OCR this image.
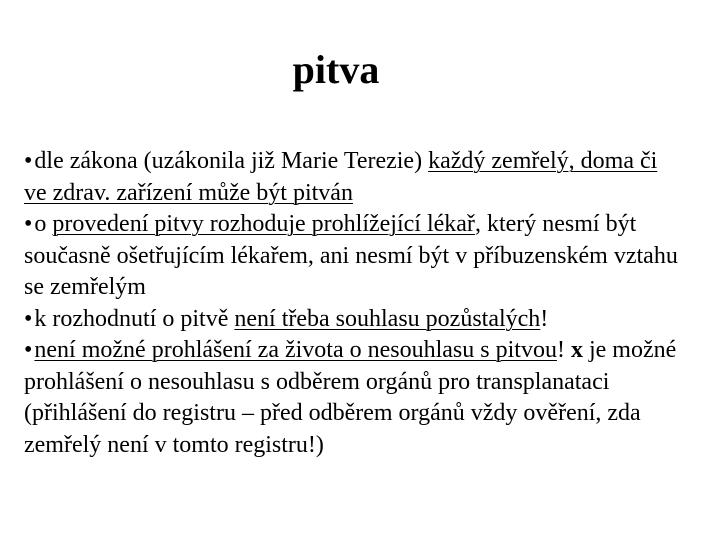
pitva

•dle zákona (uzákonila již Marie Terezie) každý zemřelý, doma či ve zdrav. zařízení může být pitván

•o provedení pitvy rozhoduje prohlížející lékař, který nesmí být současně ošetřujícím lékařem, ani nesmí být v příbuzenském vztahu se zemřelým

•k rozhodnutí o pitvě není třeba souhlasu pozůstalých!

•není možné prohlášení za života o nesouhlasu s pitvou! x je možné prohlášení o nesouhlasu s odběrem orgánů pro transplanataci (přihlášení do registru – před odběrem orgánů vždy ověření, zda zemřelý není v tomto registru!)
